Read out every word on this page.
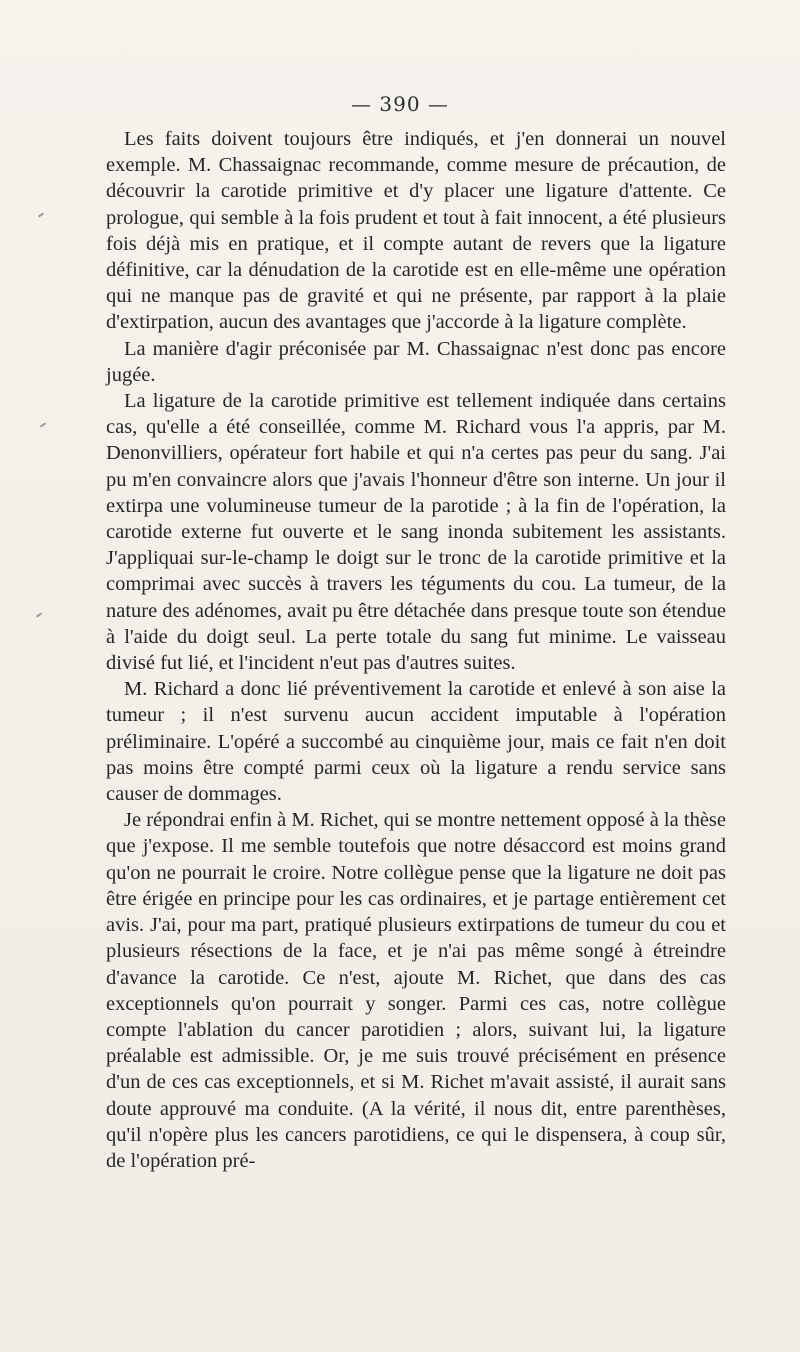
— 390 —

Les faits doivent toujours être indiqués, et j'en donnerai un nouvel exemple. M. Chassaignac recommande, comme mesure de précaution, de découvrir la carotide primitive et d'y placer une ligature d'attente. Ce prologue, qui semble à la fois prudent et tout à fait innocent, a été plusieurs fois déjà mis en pratique, et il compte autant de revers que la ligature définitive, car la dénudation de la carotide est en elle-même une opération qui ne manque pas de gravité et qui ne présente, par rapport à la plaie d'extirpation, aucun des avantages que j'accorde à la ligature complète.

La manière d'agir préconisée par M. Chassaignac n'est donc pas encore jugée.

La ligature de la carotide primitive est tellement indiquée dans certains cas, qu'elle a été conseillée, comme M. Richard vous l'a appris, par M. Denonvilliers, opérateur fort habile et qui n'a certes pas peur du sang. J'ai pu m'en convaincre alors que j'avais l'honneur d'être son interne. Un jour il extirpa une volumineuse tumeur de la parotide ; à la fin de l'opération, la carotide externe fut ouverte et le sang inonda subitement les assistants. J'appliquai sur-le-champ le doigt sur le tronc de la carotide primitive et la comprimai avec succès à travers les téguments du cou. La tumeur, de la nature des adénomes, avait pu être détachée dans presque toute son étendue à l'aide du doigt seul. La perte totale du sang fut minime. Le vaisseau divisé fut lié, et l'incident n'eut pas d'autres suites.

M. Richard a donc lié préventivement la carotide et enlevé à son aise la tumeur ; il n'est survenu aucun accident imputable à l'opération préliminaire. L'opéré a succombé au cinquième jour, mais ce fait n'en doit pas moins être compté parmi ceux où la ligature a rendu service sans causer de dommages.

Je répondrai enfin à M. Richet, qui se montre nettement opposé à la thèse que j'expose. Il me semble toutefois que notre désaccord est moins grand qu'on ne pourrait le croire. Notre collègue pense que la ligature ne doit pas être érigée en principe pour les cas ordinaires, et je partage entièrement cet avis. J'ai, pour ma part, pratiqué plusieurs extirpations de tumeur du cou et plusieurs résections de la face, et je n'ai pas même songé à étreindre d'avance la carotide. Ce n'est, ajoute M. Richet, que dans des cas exceptionnels qu'on pourrait y songer. Parmi ces cas, notre collègue compte l'ablation du cancer parotidien ; alors, suivant lui, la ligature préalable est admissible. Or, je me suis trouvé précisément en présence d'un de ces cas exceptionnels, et si M. Richet m'avait assisté, il aurait sans doute approuvé ma conduite. (A la vérité, il nous dit, entre parenthèses, qu'il n'opère plus les cancers parotidiens, ce qui le dispensera, à coup sûr, de l'opération pré-
